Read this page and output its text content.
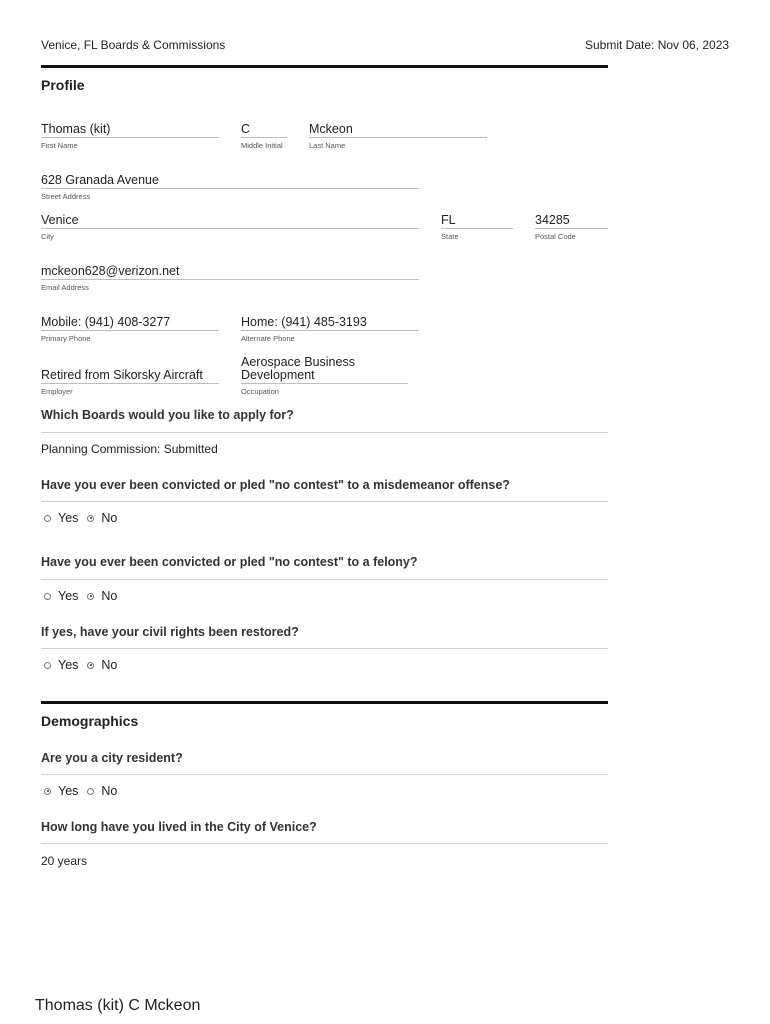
Venice, FL Boards & Commissions	Submit Date: Nov 06, 2023
Profile
Thomas (kit)
First Name
C
Middle Initial
Mckeon
Last Name
628 Granada Avenue
Street Address
Venice
City
FL
State
34285
Postal Code
mckeon628@verizon.net
Email Address
Mobile: (941) 408-3277
Primary Phone
Home: (941) 485-3193
Alternate Phone
Retired from Sikorsky Aircraft
Employer
Aerospace Business Development
Occupation
Which Boards would you like to apply for?
Planning Commission: Submitted
Have you ever been convicted or pled "no contest" to a misdemeanor offense?
Yes No
Have you ever been convicted or pled "no contest" to a felony?
Yes No
If yes, have your civil rights been restored?
Yes No
Demographics
Are you a city resident?
Yes No
How long have you lived in the City of Venice?
20 years
Thomas (kit) C Mckeon
